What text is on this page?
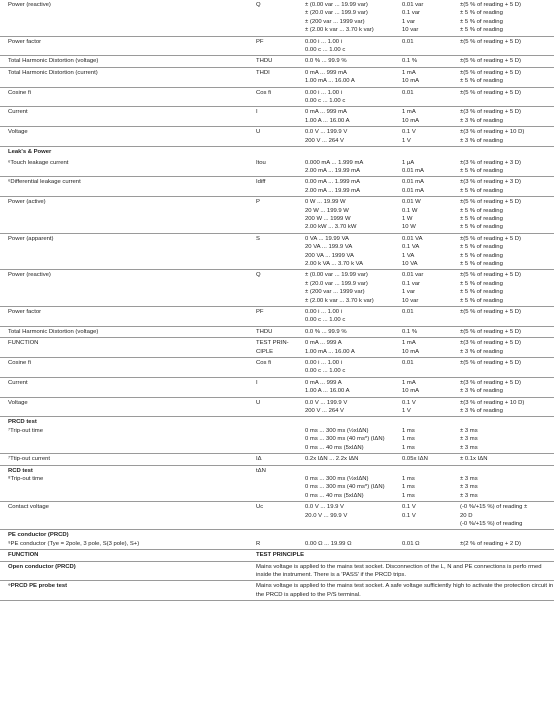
Power (reactive)	Q	± (0.00 var ... 19.99 var)
± (20.0 var ... 199.9 var)
± (200 var ... 1999 var)
± (2.00 k var ... 3.70 k var)	0.01 var
0.1 var
1 var
10 var	±(5 % of reading + 5 D)
± 5 % of reading
± 5 % of reading
± 5 % of reading

Power factor	PF	0.00 i ... 1.00 i
0.00 c ... 1.00 c	0.01	±(5 % of reading + 5 D)

Total Harmonic Distortion (voltage)	THDU	0.0 % ... 99.9 %	0.1 %	±(5 % of reading + 5 D)

Total Harmonic Distortion (current)	THDI	0 mA ... 999 mA
1.00 mA ... 16.00 A	1 mA
10 mA	±(5 % of reading + 5 D)
± 5 % of reading

Cosine fi	Cos fi	0.00 i ... 1.00 i
0.00 c ... 1.00 c	0.01	±(5 % of reading + 5 D)

Current	I	0 mA ... 999 mA
1.00 A ... 16.00 A	1 mA
10 mA	±(3 % of reading + 5 D)
± 3 % of reading

Voltage	U	0.0 V ... 199.9 V
200 V ... 264 V	0.1 V
1 V	±(3 % of reading + 10 D)
± 3 % of reading

Leak's & Power				

⁶Touch leakage current	Itou	0.000 mA ... 1.999 mA
2.00 mA ... 19.99 mA	1 μA
0.01 mA	±(3 % of reading + 3 D)
± 5 % of reading

⁶Differential leakage current	Idiff	0.00 mA ... 1.999 mA
2.00 mA ... 19.99 mA	0.01 mA
0.01 mA	±(3 % of reading + 3 D)
± 5 % of reading

Power (active)	P	0 W ... 19.99 W
20 W ... 199.9 W
200 W ... 1999 W
2.00 kW ... 3.70 kW	0.01 W
0.1 W
1 W
10 W	±(5 % of reading + 5 D)
± 5 % of reading
± 5 % of reading
± 5 % of reading

Power (apparent)	S	0 VA ... 19.99 VA
20 VA ... 199.9 VA
200 VA ... 1999 VA
2.00 k VA ... 3.70 k VA	0.01 VA
0.1 VA
1 VA
10 VA	±(5 % of reading + 5 D)
± 5 % of reading
± 5 % of reading
± 5 % of reading

Power (reactive)	Q	± (0.00 var ... 19.99 var)
± (20.0 var ... 199.9 var)
± (200 var ... 1999 var)
± (2.00 k var ... 3.70 k var)	0.01 var
0.1 var
1 var
10 var	±(5 % of reading + 5 D)
± 5 % of reading
± 5 % of reading
± 5 % of reading

Power factor	PF	0.00 i ... 1.00 i
0.00 c ... 1.00 c	0.01	±(5 % of reading + 5 D)

Total Harmonic Distortion (voltage)	THDU	0.0 % ... 99.9 %	0.1 %	±(5 % of reading + 5 D)

FUNCTION	TEST PRIN-
CIPLE	0 mA ... 999 A
1.00 mA ... 16.00 A	1 mA
10 mA	±(3 % of reading + 5 D)
± 3 % of reading

Cosine fi	Cos fi	0.00 i ... 1.00 i
0.00 c ... 1.00 c	0.01	±(5 % of reading + 5 D)

Current	I	0 mA ... 999 A
1.00 A ... 16.00 A	1 mA
10 mA	±(3 % of reading + 5 D)
± 3 % of reading

Voltage	U	0.0 V ... 199.9 V
200 V ... 264 V	0.1 V
1 V	±(3 % of reading + 10 D)
± 3 % of reading

PRCD test
⁷Trip-out time		0 ms ... 300 ms (½xIΔN)
0 ms ... 300 ms (40 ms*) (IΔN)
0 ms ... 40 ms (5xIΔN)	1 ms
1 ms
1 ms	± 3 ms
± 3 ms
± 3 ms

⁷Ttip-out current	IΔ	0.2x IΔN ... 2.2x IΔN	0.05x IΔN	± 0.1x IΔN

RCD test
⁸Trip-out time	tΔN	0 ms ... 300 ms (½xIΔN)
0 ms ... 300 ms (40 ms*) (IΔN)
0 ms ... 40 ms (5xIΔN)	1 ms
1 ms
1 ms	± 3 ms
± 3 ms
± 3 ms

Contact voltage	Uc	0.0 V ... 19.9 V
20.0 V ... 99.9 V	0.1 V
0.1 V	(-0 %/+15 %) of reading ±
20 D
(-0 %/+15 %) of reading

PE conductor (PRCD)
⁹PE conductor (Tye = 2pole, 3 pole, S(3 pole), S+)	R	0.00 Ω ... 19.99 Ω	0.01 Ω	±(2 % of reading + 2 D)

FUNCTION	TEST PRINCIPLE			
Open conductor (PRCD)	Mains voltage is applied to the mains test socket. Disconnection of the L, N and PE connections is perfo rmed inside the instrument. There is a 'PASS' if the PRCD trips.			
⁹PRCD PE probe test	Mains voltage is applied to the mains test socket. A safe voltage sufficiently high to activate the protection circuit in the PRCD is applied to the P/S terminal.			
